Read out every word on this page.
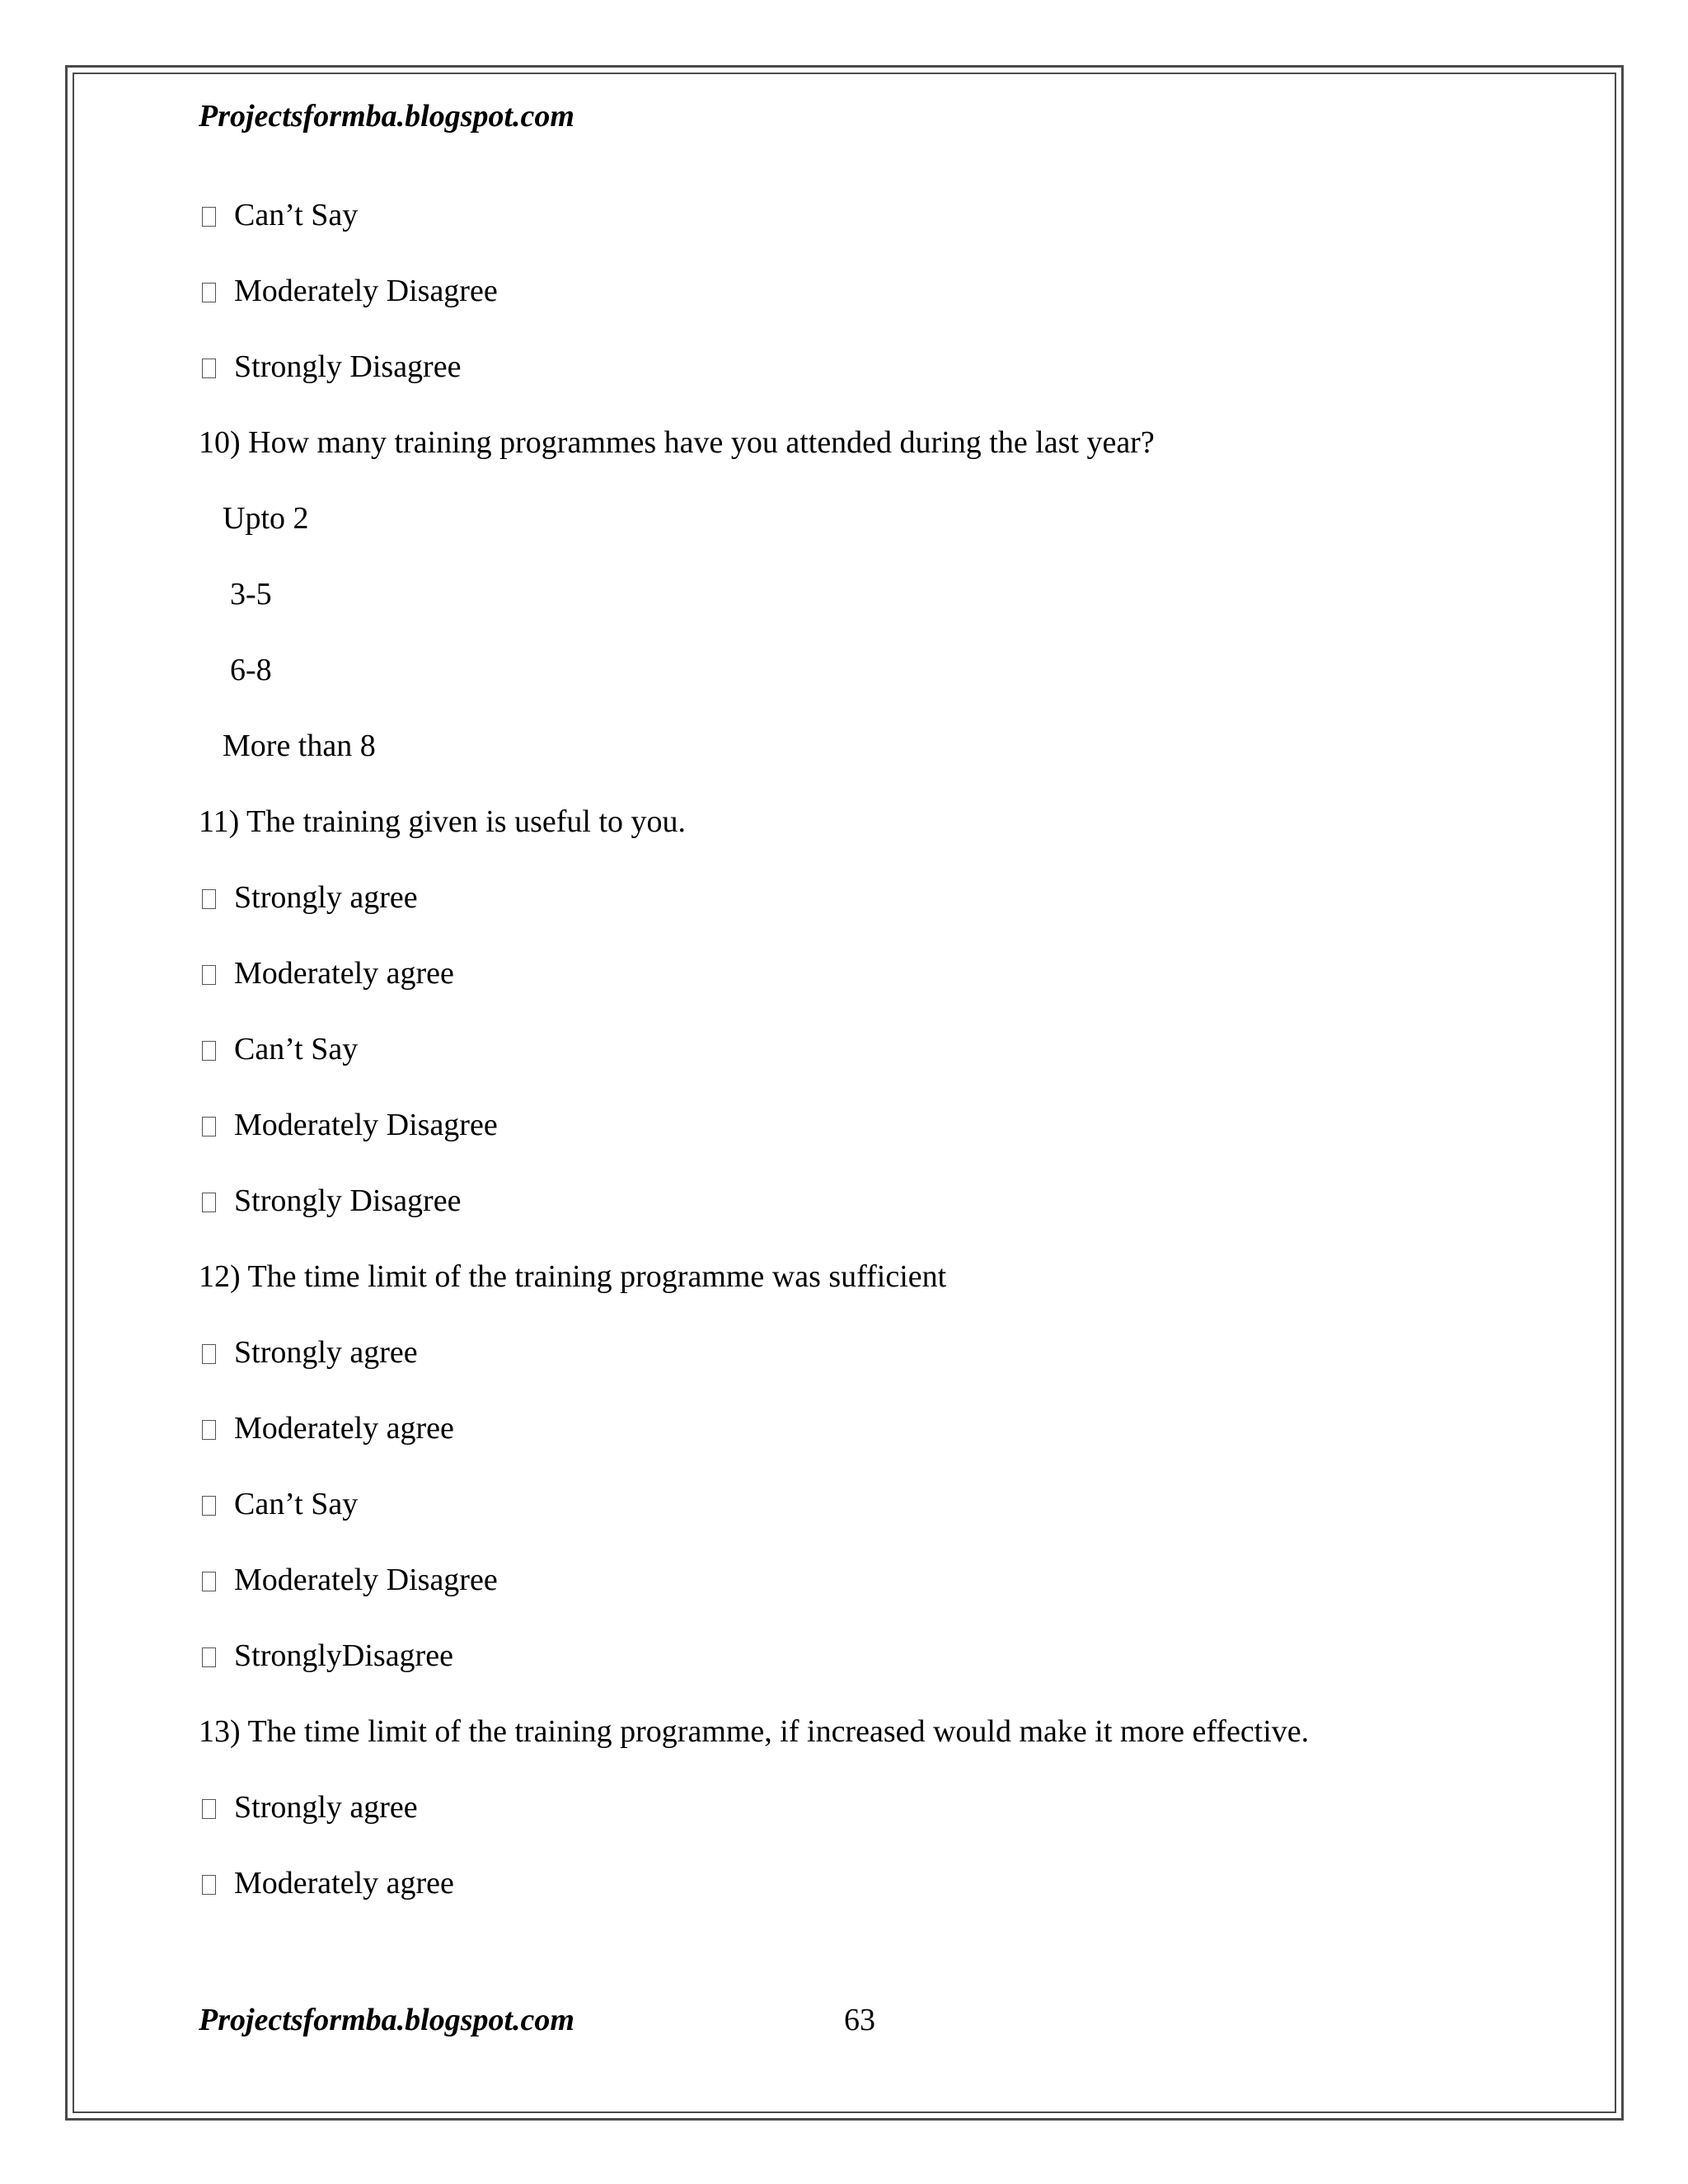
Projectsformba.blogspot.com
Can’t Say
Moderately Disagree
Strongly Disagree
10) How many training programmes have you attended during the last year?
Upto 2
3-5
6-8
More than 8
11) The training given is useful to you.
Strongly agree
Moderately agree
Can’t Say
Moderately Disagree
Strongly Disagree
12) The time limit of the training programme was sufficient
Strongly agree
Moderately agree
Can’t Say
Moderately Disagree
StronglyDisagree
13) The time limit of the training programme, if increased would make it more effective.
Strongly agree
Moderately agree
Projectsformba.blogspot.com	63
